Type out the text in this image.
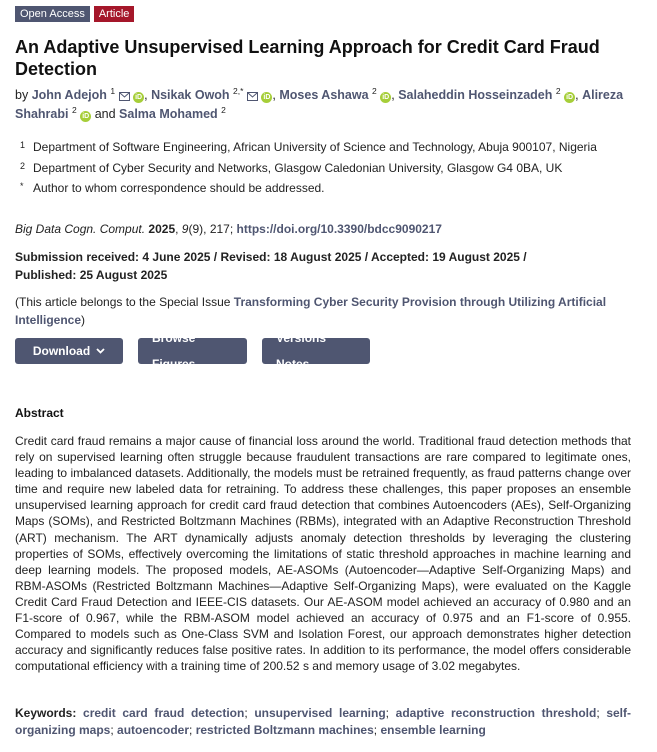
Open Access	Article
An Adaptive Unsupervised Learning Approach for Credit Card Fraud Detection
by John Adejoh $^1$  iD , Nsikak Owoh $^{2,*}$  iD , Moses Ashawa $^2$ iD , Salaheddin Hosseinzadeh $^2$ iD , Alireza Shahrabi $^2$ iD and Salma Mohamed $^2$
1 Department of Software Engineering, African University of Science and Technology, Abuja 900107, Nigeria
2 Department of Cyber Security and Networks, Glasgow Caledonian University, Glasgow G4 0BA, UK
* Author to whom correspondence should be addressed.
Big Data Cogn. Comput. 2025, 9(9), 217; https://doi.org/10.3390/bdcc9090217
Submission received: 4 June 2025 / Revised: 18 August 2025 / Accepted: 19 August 2025 /
Published: 25 August 2025
(This article belongs to the Special Issue Transforming Cyber Security Provision through Utilizing Artificial Intelligence)
Download
Browse Figures
Versions Notes
Abstract

Credit card fraud remains a major cause of financial loss around the world. Traditional fraud detection methods that rely on supervised learning often struggle because fraudulent transactions are rare compared to legitimate ones, leading to imbalanced datasets. Additionally, the models must be retrained frequently, as fraud patterns change over time and require new labeled data for retraining. To address these challenges, this paper proposes an ensemble unsupervised learning approach for credit card fraud detection that combines Autoencoders (AEs), Self-Organizing Maps (SOMs), and Restricted Boltzmann Machines (RBMs), integrated with an Adaptive Reconstruction Threshold (ART) mechanism. The ART dynamically adjusts anomaly detection thresholds by leveraging the clustering properties of SOMs, effectively overcoming the limitations of static threshold approaches in machine learning and deep learning models. The proposed models, AE-ASOMs (Autoencoder—Adaptive Self-Organizing Maps) and RBM-ASOMs (Restricted Boltzmann Machines—Adaptive Self-Organizing Maps), were evaluated on the Kaggle Credit Card Fraud Detection and IEEE-CIS datasets. Our AE-ASOM model achieved an accuracy of 0.980 and an F1-score of 0.967, while the RBM-ASOM model achieved an accuracy of 0.975 and an F1-score of 0.955. Compared to models such as One-Class SVM and Isolation Forest, our approach demonstrates higher detection accuracy and significantly reduces false positive rates. In addition to its performance, the model offers considerable computational efficiency with a training time of 200.52 s and memory usage of 3.02 megabytes.

Keywords: credit card fraud detection; unsupervised learning; adaptive reconstruction threshold; self-organizing maps; autoencoder; restricted Boltzmann machines; ensemble learning
